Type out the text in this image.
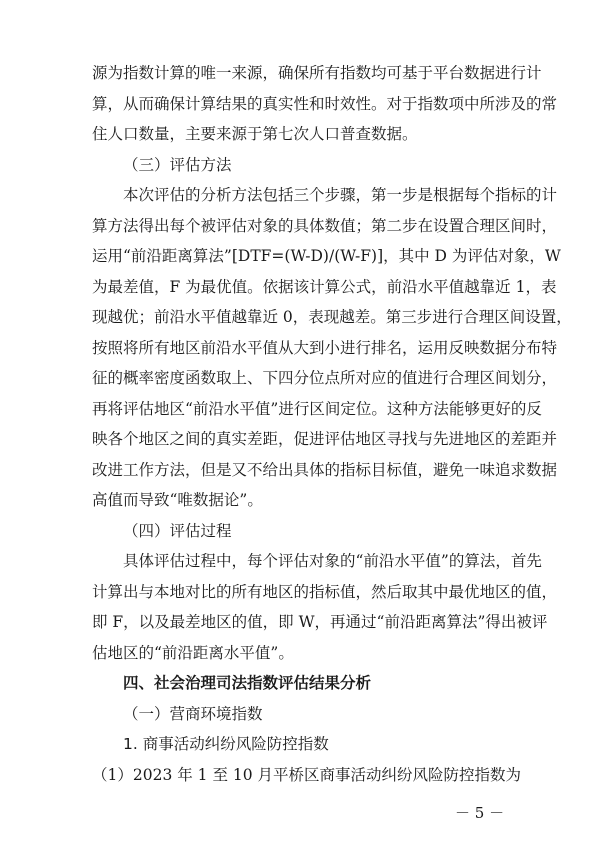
源为指数计算的唯一来源，确保所有指数均可基于平台数据进行计
算，从而确保计算结果的真实性和时效性。对于指数项中所涉及的常
住人口数量，主要来源于第七次人口普查数据。
（三）评估方法
本次评估的分析方法包括三个步骤，第一步是根据每个指标的计
算方法得出每个被评估对象的具体数值；第二步在设置合理区间时，
运用“前沿距离算法”[DTF=(W-D)/(W-F)]，其中 D 为评估对象，W
为最差值，F 为最优值。依据该计算公式，前沿水平值越靠近 1，表
现越优；前沿水平值越靠近 0，表现越差。第三步进行合理区间设置，
按照将所有地区前沿水平值从大到小进行排名，运用反映数据分布特
征的概率密度函数取上、下四分位点所对应的值进行合理区间划分，
再将评估地区“前沿水平值”进行区间定位。这种方法能够更好的反
映各个地区之间的真实差距，促进评估地区寻找与先进地区的差距并
改进工作方法，但是又不给出具体的指标目标值，避免一味追求数据
高值而导致“唯数据论”。
（四）评估过程
具体评估过程中，每个评估对象的“前沿水平值”的算法，首先
计算出与本地对比的所有地区的指标值，然后取其中最优地区的值，
即 F，以及最差地区的值，即 W，再通过“前沿距离算法”得出被评
估地区的“前沿距离水平值”。
四、社会治理司法指数评估结果分析
（一）营商环境指数
1. 商事活动纠纷风险防控指数
（1）2023 年 1 至 10 月平桥区商事活动纠纷风险防控指数为
－ 5 －
